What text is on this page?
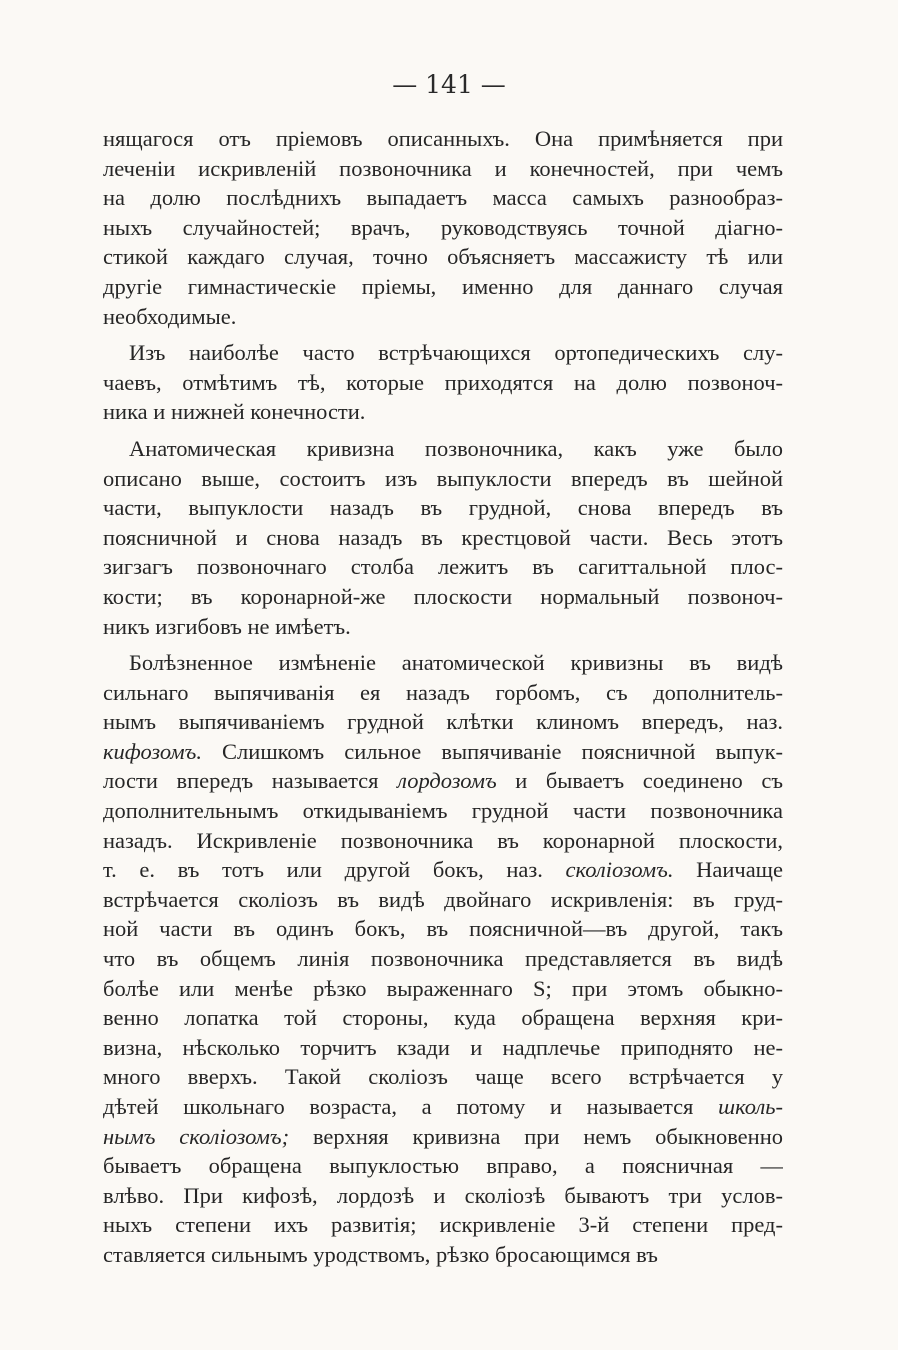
— 141 —
нящагося отъ прiемовъ описанныхъ. Она примѣняется при
леченiи искривленiй позвоночника и конечностей, при чемъ
на долю послѣднихъ выпадаетъ масса самыхъ разнообраз-
ныхъ случайностей; врачъ, руководствуясь точной дiагно-
стикой каждаго случая, точно объясняетъ массажисту тѣ или
другiе гимнастическiе прiемы, именно для даннаго случая
необходимые.
Изъ наиболѣе часто встрѣчающихся ортопедическихъ слу-
чаевъ, отмѣтимъ тѣ, которые приходятся на долю позвоноч-
ника и нижней конечности.
Анатомическая кривизна позвоночника, какъ уже было
описано выше, состоитъ изъ выпуклости впередъ въ шейной
части, выпуклости назадъ въ грудной, снова впередъ въ
поясничной и снова назадъ въ крестцовой части. Весь этотъ
зигзагъ позвоночнаго столба лежитъ въ сагиттальной плос-
кости; въ коронарной-же плоскости нормальный позвоноч-
никъ изгибовъ не имѣетъ.
Болѣзненное измѣненiе анатомической кривизны въ видѣ
сильнаго выпячиванiя ея назадъ горбомъ, съ дополнитель-
нымъ выпячиванiемъ грудной клѣтки клиномъ впередъ, наз.
кифозомъ. Слишкомъ сильное выпячиванiе поясничной выпук-
лости впередъ называется лордозомъ и бываетъ соединено съ
дополнительнымъ откидыванiемъ грудной части позвоночника
назадъ. Искривленiе позвоночника въ коронарной плоскости,
т. е. въ тотъ или другой бокъ, наз. сколiозомъ. Наичаще
встрѣчается сколiозъ въ видѣ двойнаго искривленiя: въ груд-
ной части въ одинъ бокъ, въ поясничной—въ другой, такъ
что въ общемъ линiя позвоночника представляется въ видѣ
болѣе или менѣе рѣзко выраженнаго S; при этомъ обыкно-
венно лопатка той стороны, куда обращена верхняя кри-
визна, нѣсколько торчитъ кзади и надплечье приподнято не-
много вверхъ. Такой сколiозъ чаще всего встрѣчается у
дѣтей школьнаго возраста, а потому и называется школь-
нымъ сколiозомъ; верхняя кривизна при немъ обыкновенно
бываетъ обращена выпуклостью вправо, а поясничная —
влѣво. При кифозѣ, лордозѣ и сколiозѣ бываютъ три услов-
ныхъ степени ихъ развитiя; искривленiе 3-й степени пред-
ставляется сильнымъ уродствомъ, рѣзко бросающимся въ
